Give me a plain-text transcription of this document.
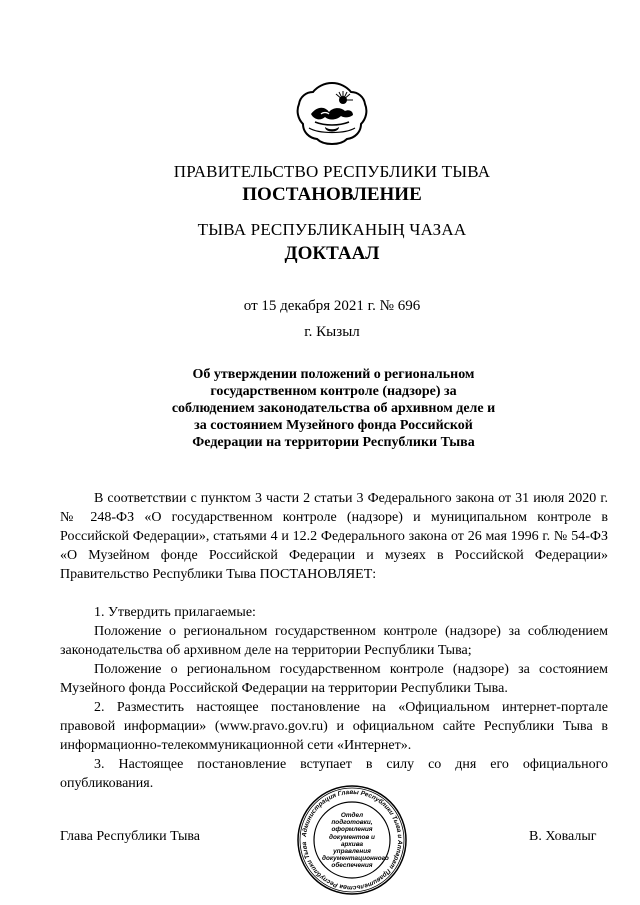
ПРАВИТЕЛЬСТВО РЕСПУБЛИКИ ТЫВА
ПОСТАНОВЛЕНИЕ
ТЫВА РЕСПУБЛИКАНЫҢ ЧАЗАА
ДОКТААЛ
от 15 декабря 2021 г. № 696
г. Кызыл
Об утверждении положений о региональном государственном контроле (надзоре) за соблюдением законодательства об архивном деле и за состоянием Музейного фонда Российской Федерации на территории Республики Тыва

В соответствии с пунктом 3 части 2 статьи 3 Федерального закона от 31 июля 2020 г. № 248-ФЗ «О государственном контроле (надзоре) и муниципальном контроле в Российской Федерации», статьями 4 и 12.2 Федерального закона от 26 мая 1996 г. № 54-ФЗ «О Музейном фонде Российской Федерации и музеях в Российской Федерации» Правительство Республики Тыва ПОСТАНОВЛЯЕТ:

1. Утвердить прилагаемые:

Положение о региональном государственном контроле (надзоре) за соблюдением законодательства об архивном деле на территории Республики Тыва;

Положение о региональном государственном контроле (надзоре) за состоянием Музейного фонда Российской Федерации на территории Республики Тыва.

2. Разместить настоящее постановление на «Официальном интернет-портале правовой информации» (www.pravo.gov.ru) и официальном сайте Республики Тыва в информационно-телекоммуникационной сети «Интернет».

3. Настоящее постановление вступает в силу со дня его официального опубликования.

Глава Республики Тыва	В. Ховалыг
Администрация Главы Республики Тыва и Аппарат Правительства Республики Тыва
Отдел подготовки, оформления документов и архива управления документационного обеспечения
